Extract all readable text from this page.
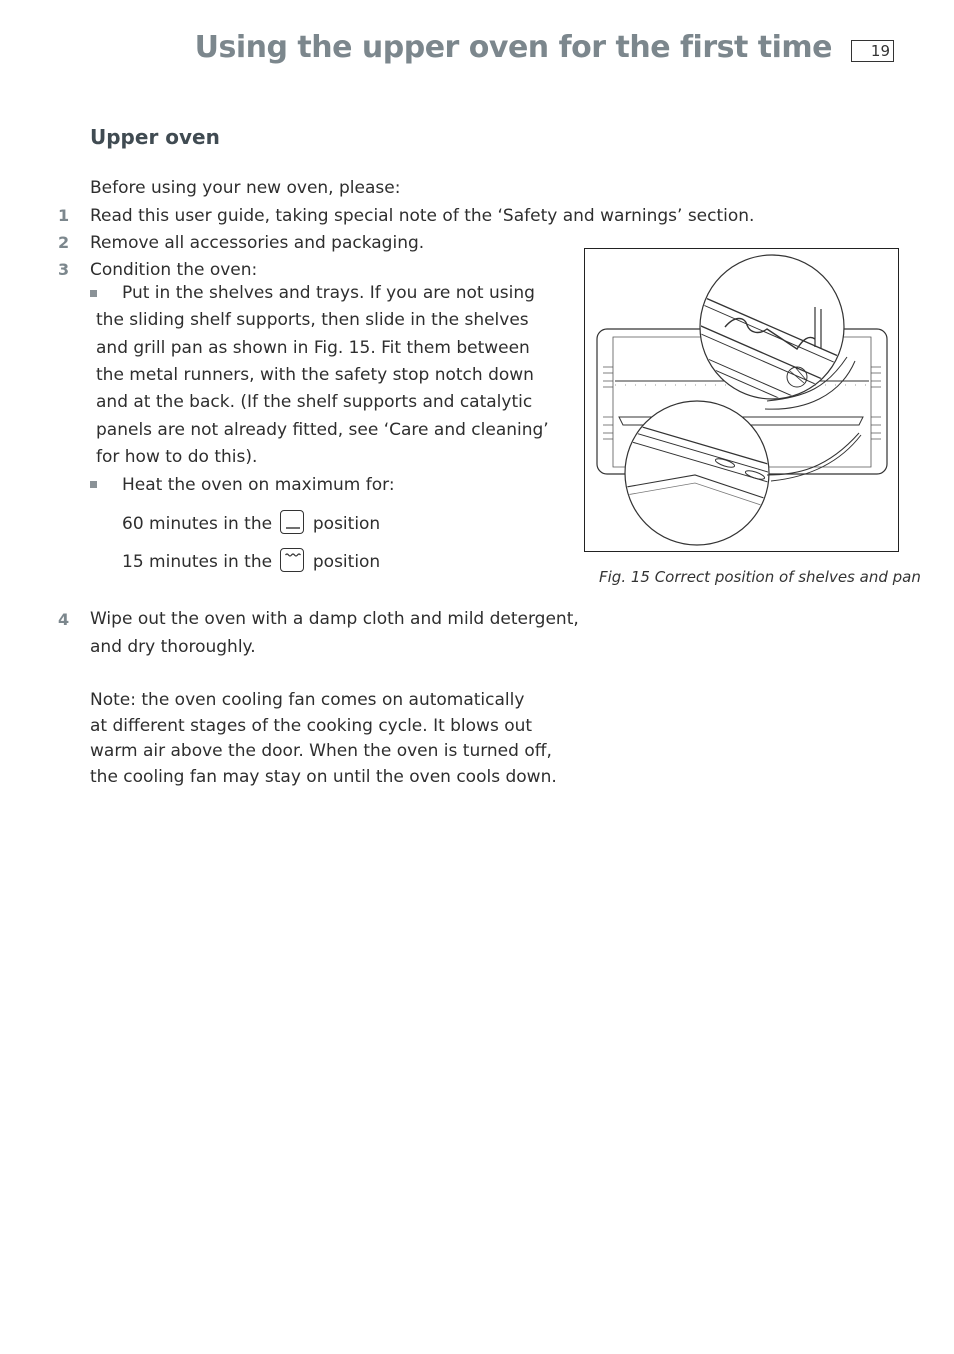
Using the upper oven for the first time	19
Upper oven
Before using your new oven, please:
1 Read this user guide, taking special note of the ‘Safety and warnings’ section.
2 Remove all accessories and packaging.
3 Condition the oven:
Put in the shelves and trays. If you are not using
the sliding shelf supports, then slide in the shelves
and grill pan as shown in Fig. 15. Fit them between
the metal runners, with the safety stop notch down
and at the back. (If the shelf supports and catalytic
panels are not already fitted, see ‘Care and cleaning’
for how to do this).
Heat the oven on maximum for:
60 minutes in the position
15 minutes in the position
4 Wipe out the oven with a damp cloth and mild detergent,
and dry thoroughly.
Note: the oven cooling fan comes on automatically
at different stages of the cooking cycle. It blows out
warm air above the door. When the oven is turned off,
the cooling fan may stay on until the oven cools down.
Fig. 15 Correct position of shelves and pan
